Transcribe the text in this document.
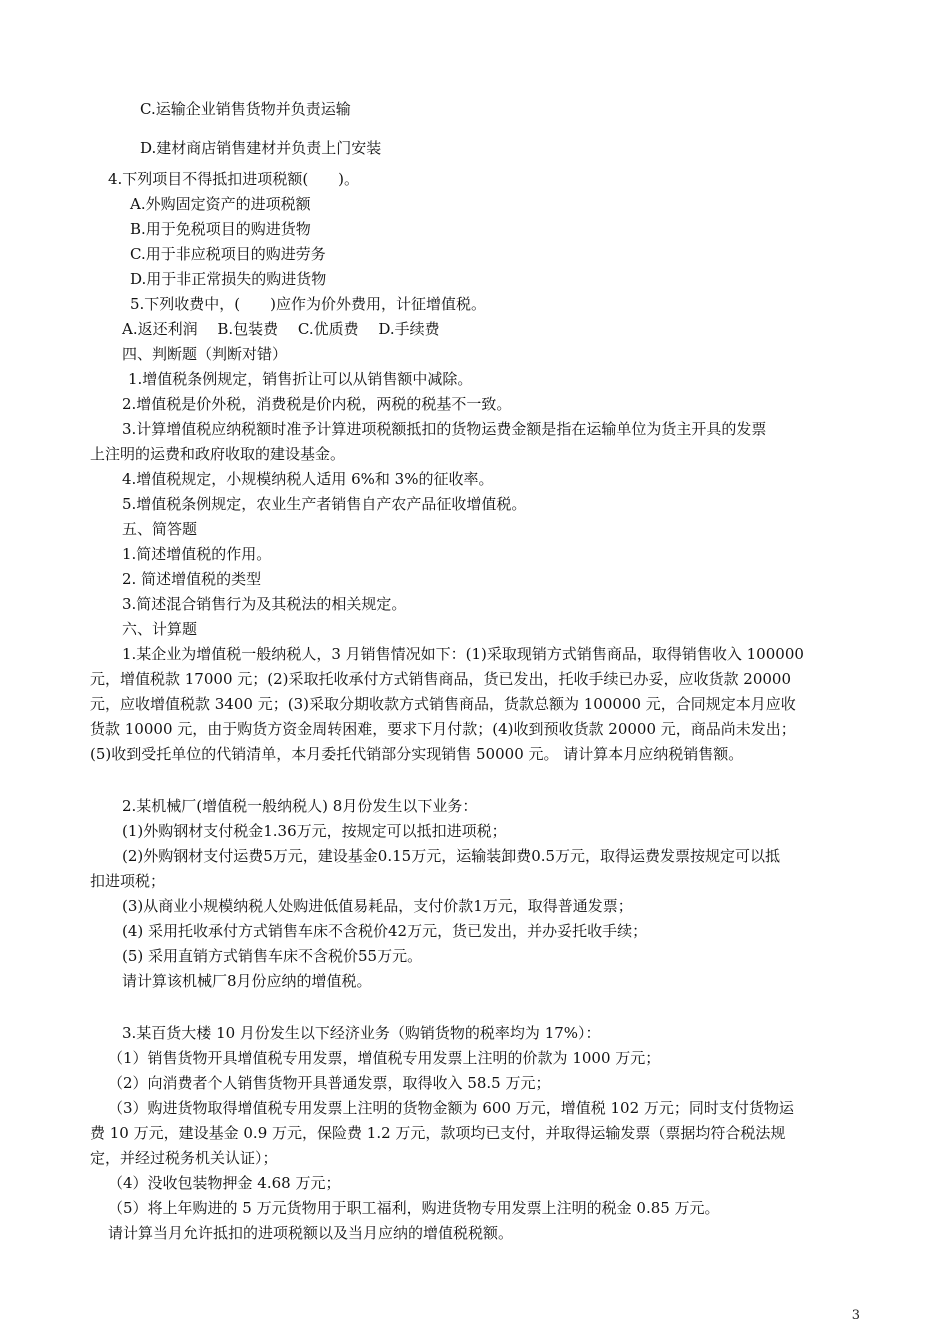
C.运输企业销售货物并负责运输
D.建材商店销售建材并负责上门安装
4.下列项目不得抵扣进项税额(　　)。
A.外购固定资产的进项税额
B.用于免税项目的购进货物
C.用于非应税项目的购进劳务
D.用于非正常损失的购进货物
5.下列收费中，(　　)应作为价外费用，计征增值税。
A.返还利润　 B.包装费　 C.优质费　 D.手续费
四、判断题（判断对错）
1.增值税条例规定，销售折让可以从销售额中减除。
2.增值税是价外税，消费税是价内税，两税的税基不一致。
3.计算增值税应纳税额时准予计算进项税额抵扣的货物运费金额是指在运输单位为货主开具的发票
上注明的运费和政府收取的建设基金。
4.增值税规定，小规模纳税人适用 6%和 3%的征收率。
5.增值税条例规定，农业生产者销售自产农产品征收增值税。
五、简答题
1.简述增值税的作用。
2. 简述增值税的类型
3.简述混合销售行为及其税法的相关规定。
六、计算题
1.某企业为增值税一般纳税人，3 月销售情况如下：(1)采取现销方式销售商品，取得销售收入 100000
元，增值税款 17000 元；(2)采取托收承付方式销售商品，货已发出，托收手续已办妥，应收货款 20000
元，应收增值税款 3400 元；(3)采取分期收款方式销售商品，货款总额为 100000 元，合同规定本月应收
货款 10000 元，由于购货方资金周转困难，要求下月付款；(4)收到预收货款 20000 元，商品尚未发出；
(5)收到受托单位的代销清单，本月委托代销部分实现销售 50000 元。 请计算本月应纳税销售额。
2.某机械厂(增值税一般纳税人) 8月份发生以下业务：
(1)外购钢材支付税金1.36万元，按规定可以抵扣进项税；
(2)外购钢材支付运费5万元，建设基金0.15万元，运输装卸费0.5万元，取得运费发票按规定可以抵
扣进项税；
(3)从商业小规模纳税人处购进低值易耗品，支付价款1万元，取得普通发票；
(4) 采用托收承付方式销售车床不含税价42万元，货已发出，并办妥托收手续；
(5) 采用直销方式销售车床不含税价55万元。
请计算该机械厂8月份应纳的增值税。
3.某百货大楼 10 月份发生以下经济业务（购销货物的税率均为 17%）：
（1）销售货物开具增值税专用发票，增值税专用发票上注明的价款为 1000 万元；
（2）向消费者个人销售货物开具普通发票，取得收入 58.5 万元；
（3）购进货物取得增值税专用发票上注明的货物金额为 600 万元，增值税 102 万元；同时支付货物运
费 10 万元，建设基金 0.9 万元，保险费 1.2 万元，款项均已支付，并取得运输发票（票据均符合税法规
定，并经过税务机关认证）；
（4）没收包装物押金 4.68 万元；
（5）将上年购进的 5 万元货物用于职工福利，购进货物专用发票上注明的税金 0.85 万元。
请计算当月允许抵扣的进项税额以及当月应纳的增值税税额。
3
